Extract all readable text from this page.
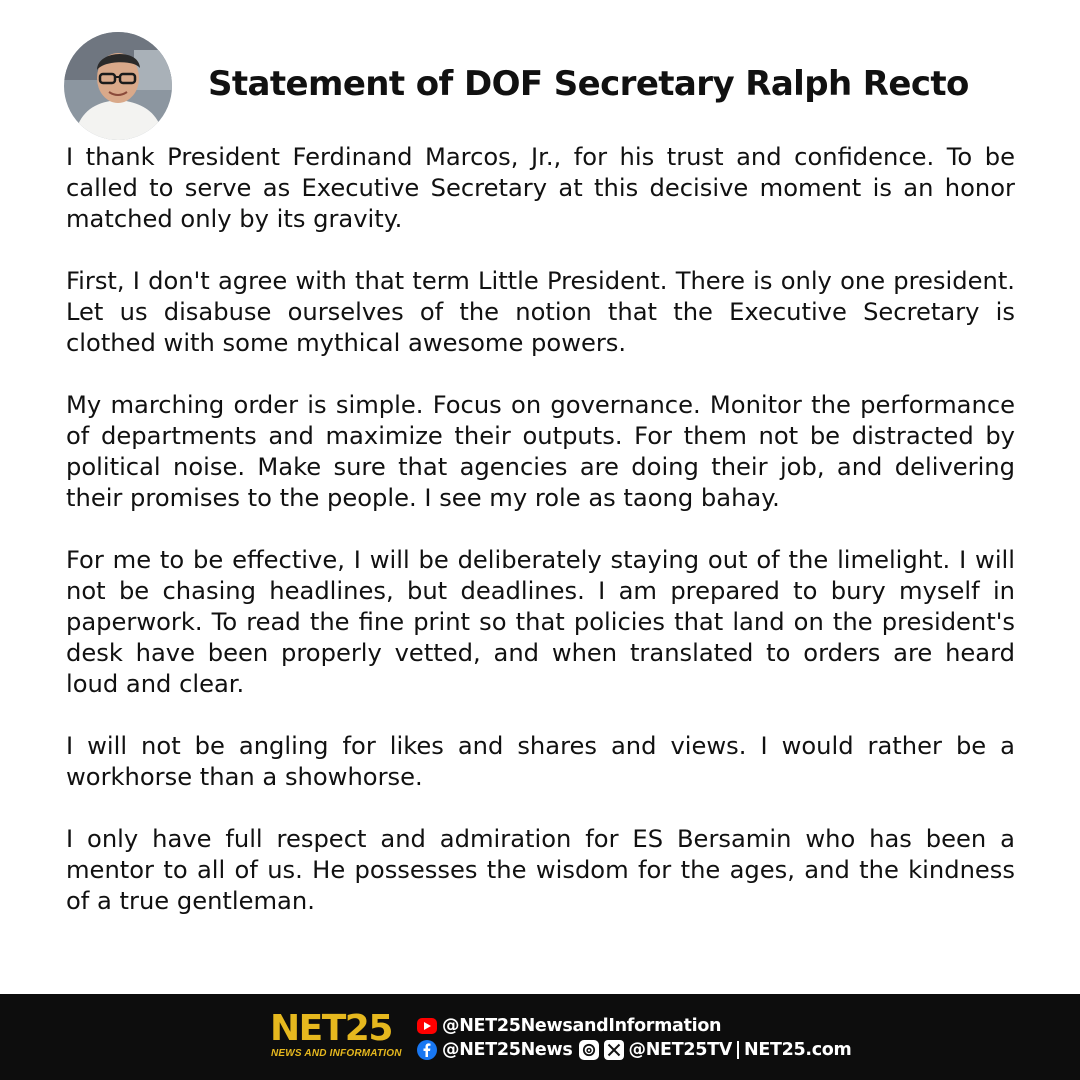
Statement of DOF Secretary Ralph Recto

I thank President Ferdinand Marcos, Jr., for his trust and confidence. To be called to serve as Executive Secretary at this decisive moment is an honor matched only by its gravity.

First, I don't agree with that term Little President. There is only one president. Let us disabuse ourselves of the notion that the Executive Secretary is clothed with some mythical awesome powers.

My marching order is simple. Focus on governance. Monitor the performance of departments and maximize their outputs. For them not be distracted by political noise. Make sure that agencies are doing their job, and delivering their promises to the people. I see my role as taong bahay.

For me to be effective, I will be deliberately staying out of the limelight. I will not be chasing headlines, but deadlines. I am prepared to bury myself in paperwork. To read the fine print so that policies that land on the president's desk have been properly vetted, and when translated to orders are heard loud and clear.

I will not be angling for likes and shares and views. I would rather be a workhorse than a showhorse.

I only have full respect and admiration for ES Bersamin who has been a mentor to all of us. He possesses the wisdom for the ages, and the kindness of a true gentleman.

NET25
NEWS AND INFORMATION
@NET25NewsandInformation
@NET25News	@NET25TV NET25.com
